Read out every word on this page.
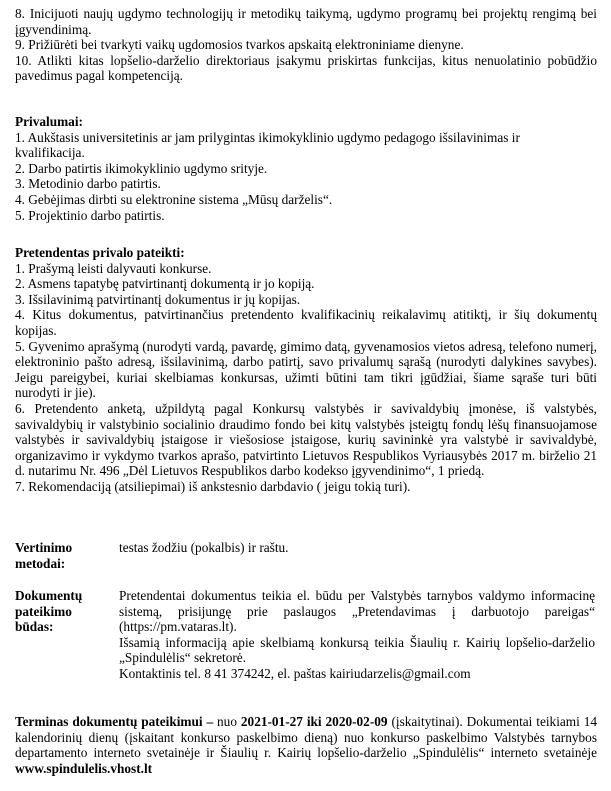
8. Inicijuoti naujų ugdymo technologijų ir metodikų taikymą, ugdymo programų bei projektų rengimą bei įgyvendinimą.

9. Prižiūrėti bei tvarkyti vaikų ugdomosios tvarkos apskaitą elektroniniame dienyne.

10. Atlikti kitas lopšelio-darželio direktoriaus įsakymu priskirtas funkcijas, kitus nenuolatinio pobūdžio pavedimus pagal kompetenciją.

Privalumai:

1. Aukštasis universitetinis ar jam prilygintas ikimokyklinio ugdymo pedagogo išsilavinimas ir kvalifikacija.

2. Darbo patirtis ikimokyklinio ugdymo srityje.

3. Metodinio darbo patirtis.

4. Gebėjimas dirbti su elektronine sistema „Mūsų darželis“.

5. Projektinio darbo patirtis.

Pretendentas privalo pateikti:

1. Prašymą leisti dalyvauti konkurse.

2. Asmens tapatybę patvirtinantį dokumentą ir jo kopiją.

3. Išsilavinimą patvirtinantį dokumentus ir jų kopijas.

4. Kitus dokumentus, patvirtinančius pretendento kvalifikacinių reikalavimų atitiktį, ir šių dokumentų kopijas.

5. Gyvenimo aprašymą (nurodyti vardą, pavardę, gimimo datą, gyvenamosios vietos adresą, telefono numerį, elektroninio pašto adresą, išsilavinimą, darbo patirtį, savo privalumų sąrašą (nurodyti dalykines savybes). Jeigu pareigybei, kuriai skelbiamas konkursas, užimti būtini tam tikri įgūdžiai, šiame sąraše turi būti nurodyti ir jie).

6. Pretendento anketą, užpildytą pagal Konkursų valstybės ir savivaldybių įmonėse, iš valstybės, savivaldybių ir valstybinio socialinio draudimo fondo bei kitų valstybės įsteigtų fondų lėšų finansuojamose valstybės ir savivaldybių įstaigose ir viešosiose įstaigose, kurių savininkė yra valstybė ir savivaldybė, organizavimo ir vykdymo tvarkos aprašo, patvirtinto Lietuvos Respublikos Vyriausybės 2017 m. birželio 21 d. nutarimu Nr. 496 „Dėl Lietuvos Respublikos darbo kodekso įgyvendinimo“, 1 priedą.

7. Rekomendaciją (atsiliepimai) iš ankstesnio darbdavio ( jeigu tokią turi).

Vertinimo metodai:
testas žodžiu (pokalbis) ir raštu.
Dokumentų pateikimo būdas:

Pretendentai dokumentus teikia el. būdu per Valstybės tarnybos valdymo informacinę sistemą, prisijungę prie paslaugos „Pretendavimas į darbuotojo pareigas“ (https://pm.vataras.lt).

Išsamią informaciją apie skelbiamą konkursą teikia Šiaulių r. Kairių lopšelio-darželio „Spindulėlis“ sekretorė.

Kontaktinis tel. 8 41 374242, el. paštas kairiudarzelis@gmail.com

Terminas dokumentų pateikimui – nuo 2021-01-27 iki 2020-02-09 (įskaitytinai). Dokumentai teikiami 14 kalendorinių dienų (įskaitant konkurso paskelbimo dieną) nuo konkurso paskelbimo Valstybės tarnybos departamento interneto svetainėje ir Šiaulių r. Kairių lopšelio-darželio „Spindulėlis“ interneto svetainėje www.spindulelis.vhost.lt
